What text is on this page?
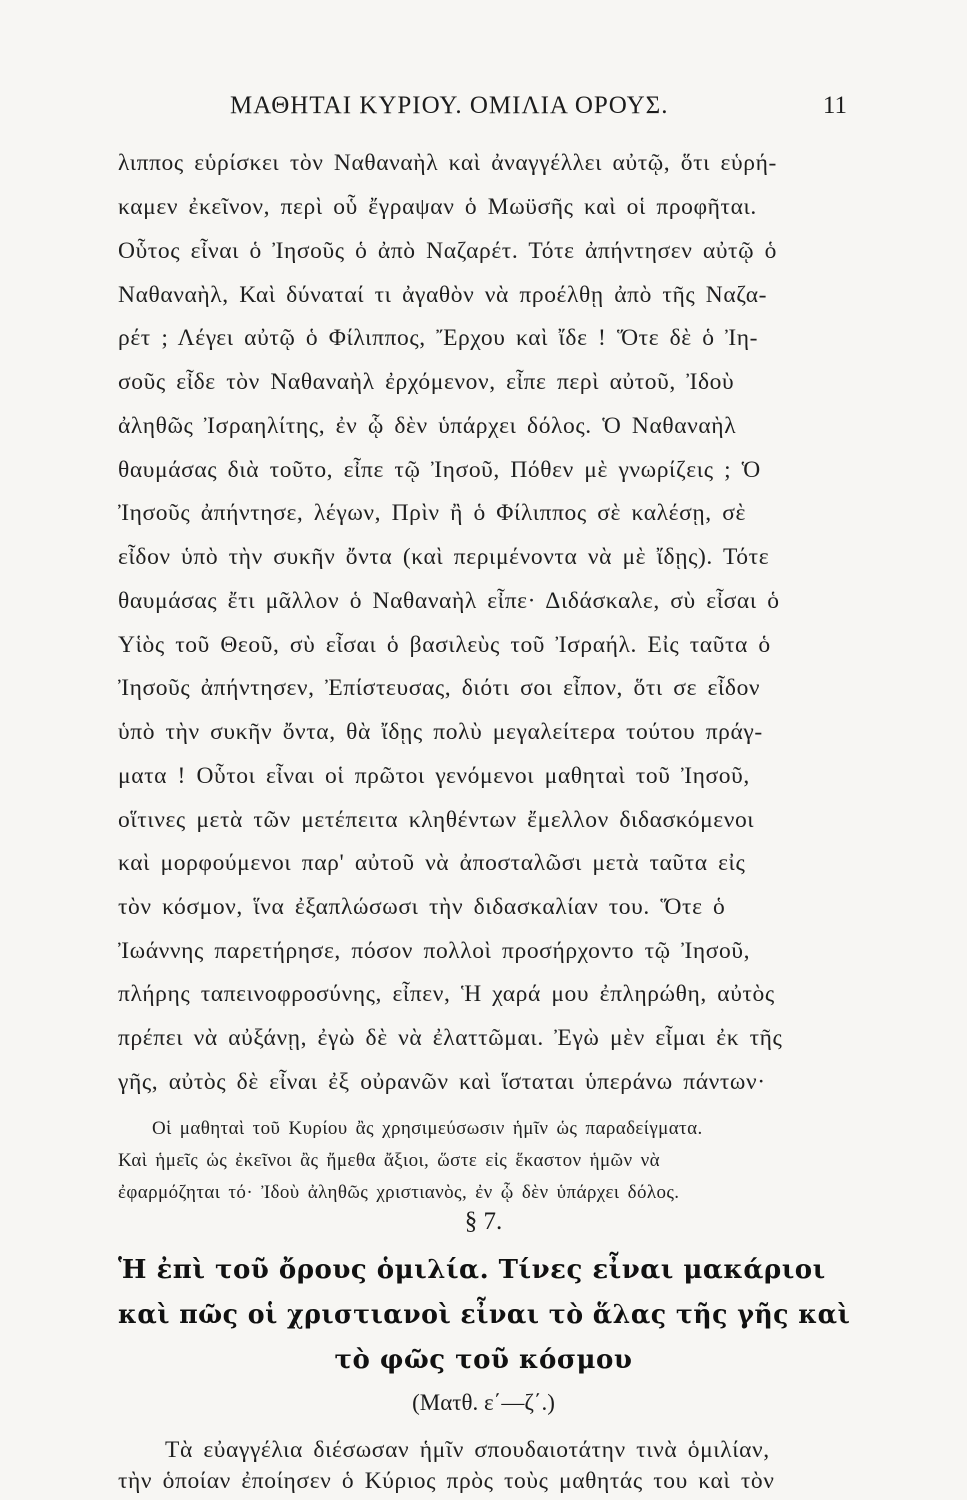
ΜΑΘΗΤΑΙ ΚΥΡΙΟΥ. ΟΜΙΛΙΑ ΟΡΟΥΣ.	11
λιππος εὑρίσκει τὸν Ναθαναὴλ καὶ ἀναγγέλλει αὐτῷ, ὅτι εὑρή-
καμεν ἐκεῖνον, περὶ οὗ ἔγραψαν ὁ Μωϋσῆς καὶ οἱ προφῆται.
Οὗτος εἶναι ὁ Ἰησοῦς ὁ ἀπὸ Ναζαρέτ. Τότε ἀπήντησεν αὐτῷ ὁ
Ναθαναὴλ, Καὶ δύναταί τι ἀγαθὸν νὰ προέλθῃ ἀπὸ τῆς Ναζα-
ρέτ ; Λέγει αὐτῷ ὁ Φίλιππος, Ἔρχου καὶ ἴδε ! Ὅτε δὲ ὁ Ἰη-
σοῦς εἶδε τὸν Ναθαναὴλ ἐρχόμενον, εἶπε περὶ αὐτοῦ, Ἰδοὺ
ἀληθῶς Ἰσραηλίτης, ἐν ᾧ δὲν ὑπάρχει δόλος. Ὁ Ναθαναὴλ
θαυμάσας διὰ τοῦτο, εἶπε τῷ Ἰησοῦ, Πόθεν μὲ γνωρίζεις ; Ὁ
Ἰησοῦς ἀπήντησε, λέγων, Πρὶν ἢ ὁ Φίλιππος σὲ καλέσῃ, σὲ
εἶδον ὑπὸ τὴν συκῆν ὄντα (καὶ περιμένοντα νὰ μὲ ἴδῃς). Τότε
θαυμάσας ἔτι μᾶλλον ὁ Ναθαναὴλ εἶπε· Διδάσκαλε, σὺ εἶσαι ὁ
Υἱὸς τοῦ Θεοῦ, σὺ εἶσαι ὁ βασιλεὺς τοῦ Ἰσραήλ. Εἰς ταῦτα ὁ
Ἰησοῦς ἀπήντησεν, Ἐπίστευσας, διότι σοι εἶπον, ὅτι σε εἶδον
ὑπὸ τὴν συκῆν ὄντα, θὰ ἴδῃς πολὺ μεγαλείτερα τούτου πράγ-
ματα ! Οὗτοι εἶναι οἱ πρῶτοι γενόμενοι μαθηταὶ τοῦ Ἰησοῦ,
οἵτινες μετὰ τῶν μετέπειτα κληθέντων ἔμελλον διδασκόμενοι
καὶ μορφούμενοι παρ' αὐτοῦ νὰ ἀποσταλῶσι μετὰ ταῦτα εἰς
τὸν κόσμον, ἵνα ἐξαπλώσωσι τὴν διδασκαλίαν του. Ὅτε ὁ
Ἰωάννης παρετήρησε, πόσον πολλοὶ προσήρχοντο τῷ Ἰησοῦ,
πλήρης ταπεινοφροσύνης, εἶπεν, Ἡ χαρά μου ἐπληρώθη, αὐτὸς
πρέπει νὰ αὐξάνῃ, ἐγὼ δὲ νὰ ἐλαττῶμαι. Ἐγὼ μὲν εἶμαι ἐκ τῆς
γῆς, αὐτὸς δὲ εἶναι ἐξ οὐρανῶν καὶ ἵσταται ὑπεράνω πάντων·
Οἱ μαθηταὶ τοῦ Κυρίου ἂς χρησιμεύσωσιν ἡμῖν ὡς παραδείγματα.
Καὶ ἡμεῖς ὡς ἐκεῖνοι ἂς ἤμεθα ἄξιοι, ὥστε εἰς ἕκαστον ἡμῶν νὰ
ἐφαρμόζηται τό· Ἰδοὺ ἀληθῶς χριστιανὸς, ἐν ᾧ δὲν ὑπάρχει δόλος.
§ 7.
Ἡ ἐπὶ τοῦ ὄρους ὁμιλία. Τίνες εἶναι μακάριοι
καὶ πῶς οἱ χριστιανοὶ εἶναι τὸ ἅλας τῆς γῆς καὶ
τὸ φῶς τοῦ κόσμου
(Ματθ. ε΄—ζ΄.)
Τὰ εὐαγγέλια διέσωσαν ἡμῖν σπουδαιοτάτην τινὰ ὁμιλίαν,
τὴν ὁποίαν ἐποίησεν ὁ Κύριος πρὸς τοὺς μαθητάς του καὶ τὸν
